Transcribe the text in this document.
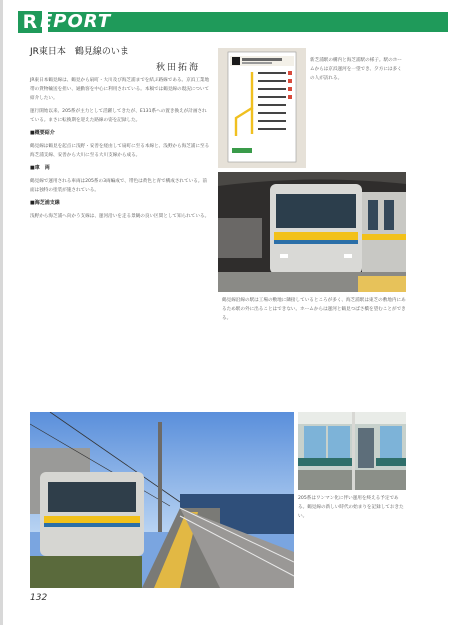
R EPORT
JR東日本　鶴見線のいま
秋田拓海

JR東日本鶴見線は、鶴見から扇町・大川及び海芝浦までを結ぶ路線である。京浜工業地帯の貨物輸送を担い、通勤客を中心に利用されている。本稿では鶴見線の現況について紹介したい。

運行開始以来、205系が主力として活躍してきたが、E131系への置き換えが計画されている。まさに転換期を迎えた路線の姿を記録した。

■概要紹介

鶴見線は鶴見を起点に浅野・安善を経由して扇町に至る本線と、浅野から海芝浦に至る海芝浦支線、安善から大川に至る大川支線から成る。

■車　両

鶴見線で運用される車両は205系の3両編成で、帯色は黄色と青で構成されている。前面は独特の塗装が施されている。

■海芝浦支線

浅野から海芝浦へ向かう支線は、運河沿いを走る景観の良い区間として知られている。

新芝浦駅の構内と海芝浦駅の様子。駅のホームからは京浜運河を一望でき、夕方には多くの人が訪れる。

鶴見線沿線の駅は工場の敷地に隣接しているところが多く、海芝浦駅は東芝の敷地内にあるため駅の外に出ることはできない。ホームからは運河と鶴見つばさ橋を望むことができる。

205系はワンマン化に伴い運用を終える予定である。鶴見線の新しい時代の始まりを記録しておきたい。

132
